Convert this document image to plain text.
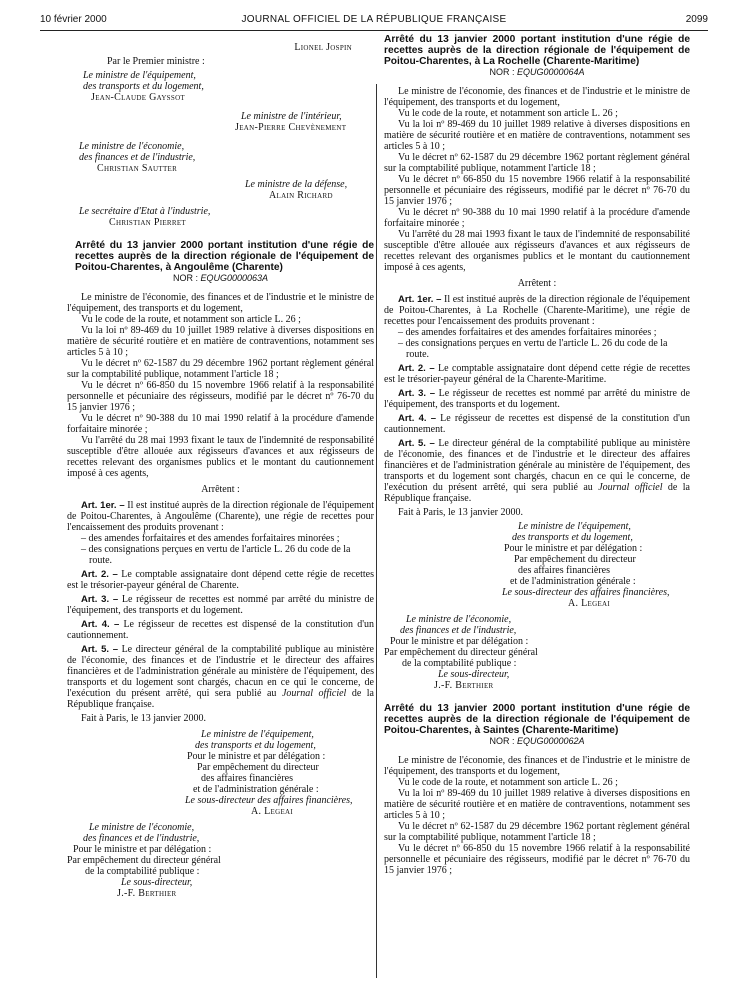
10 février 2000	JOURNAL OFFICIEL DE LA RÉPUBLIQUE FRANÇAISE	2099

Lionel Jospin

Par le Premier ministre :

Le ministre de l'équipement,

des transports et du logement,

Jean-Claude Gayssot

Le ministre de l'intérieur,

Jean-Pierre Chevènement

Le ministre de l'économie,

des finances et de l'industrie,

Christian Sautter

Le ministre de la défense,

Alain Richard

Le secrétaire d'Etat à l'industrie,

Christian Pierret

Arrêté du 13 janvier 2000 portant institution d'une régie de recettes auprès de la direction régionale de l'équipement de Poitou-Charentes, à Angoulême (Charente)

NOR : EQUG0000063A

Le ministre de l'économie, des finances et de l'industrie et le ministre de l'équipement, des transports et du logement,

Vu le code de la route, et notamment son article L. 26 ;

Vu la loi nº 89-469 du 10 juillet 1989 relative à diverses dispositions en matière de sécurité routière et en matière de contraventions, notamment ses articles 5 à 10 ;

Vu le décret nº 62-1587 du 29 décembre 1962 portant règlement général sur la comptabilité publique, notamment l'article 18 ;

Vu le décret nº 66-850 du 15 novembre 1966 relatif à la responsabilité personnelle et pécuniaire des régisseurs, modifié par le décret nº 76-70 du 15 janvier 1976 ;

Vu le décret nº 90-388 du 10 mai 1990 relatif à la procédure d'amende forfaitaire minorée ;

Vu l'arrêté du 28 mai 1993 fixant le taux de l'indemnité de responsabilité susceptible d'être allouée aux régisseurs d'avances et aux régisseurs de recettes relevant des organismes publics et le montant du cautionnement imposé à ces agents,

Arrêtent :

Art. 1er. – Il est institué auprès de la direction régionale de l'équipement de Poitou-Charentes, à Angoulême (Charente), une régie de recettes pour l'encaissement des produits provenant :

– des amendes forfaitaires et des amendes forfaitaires minorées ;

– des consignations perçues en vertu de l'article L. 26 du code de la route.

Art. 2. – Le comptable assignataire dont dépend cette régie de recettes est le trésorier-payeur général de Charente.

Art. 3. – Le régisseur de recettes est nommé par arrêté du ministre de l'équipement, des transports et du logement.

Art. 4. – Le régisseur de recettes est dispensé de la constitution d'un cautionnement.

Art. 5. – Le directeur général de la comptabilité publique au ministère de l'économie, des finances et de l'industrie et le directeur des affaires financières et de l'administration générale au ministère de l'équipement, des transports et du logement sont chargés, chacun en ce qui le concerne, de l'exécution du présent arrêté, qui sera publié au Journal officiel de la République française.

Fait à Paris, le 13 janvier 2000.

Le ministre de l'équipement,

des transports et du logement,

Pour le ministre et par délégation :

Par empêchement du directeur

des affaires financières

et de l'administration générale :

Le sous-directeur des affaires financières,

A. Legeai

Le ministre de l'économie,

des finances et de l'industrie,

Pour le ministre et par délégation :

Par empêchement du directeur général

de la comptabilité publique :

Le sous-directeur,

J.-F. Berthier

Arrêté du 13 janvier 2000 portant institution d'une régie de recettes auprès de la direction régionale de l'équipement de Poitou-Charentes, à La Rochelle (Charente-Maritime)

NOR : EQUG0000064A

Le ministre de l'économie, des finances et de l'industrie et le ministre de l'équipement, des transports et du logement,

Vu le code de la route, et notamment son article L. 26 ;

Vu la loi nº 89-469 du 10 juillet 1989 relative à diverses dispositions en matière de sécurité routière et en matière de contraventions, notamment ses articles 5 à 10 ;

Vu le décret nº 62-1587 du 29 décembre 1962 portant règlement général sur la comptabilité publique, notamment l'article 18 ;

Vu le décret nº 66-850 du 15 novembre 1966 relatif à la responsabilité personnelle et pécuniaire des régisseurs, modifié par le décret nº 76-70 du 15 janvier 1976 ;

Vu le décret nº 90-388 du 10 mai 1990 relatif à la procédure d'amende forfaitaire minorée ;

Vu l'arrêté du 28 mai 1993 fixant le taux de l'indemnité de responsabilité susceptible d'être allouée aux régisseurs d'avances et aux régisseurs de recettes relevant des organismes publics et le montant du cautionnement imposé à ces agents,

Arrêtent :

Art. 1er. – Il est institué auprès de la direction régionale de l'équipement de Poitou-Charentes, à La Rochelle (Charente-Maritime), une régie de recettes pour l'encaissement des produits provenant :

– des amendes forfaitaires et des amendes forfaitaires minorées ;

– des consignations perçues en vertu de l'article L. 26 du code de la route.

Art. 2. – Le comptable assignataire dont dépend cette régie de recettes est le trésorier-payeur général de la Charente-Maritime.

Art. 3. – Le régisseur de recettes est nommé par arrêté du ministre de l'équipement, des transports et du logement.

Art. 4. – Le régisseur de recettes est dispensé de la constitution d'un cautionnement.

Art. 5. – Le directeur général de la comptabilité publique au ministère de l'économie, des finances et de l'industrie et le directeur des affaires financières et de l'administration générale au ministère de l'équipement, des transports et du logement sont chargés, chacun en ce qui le concerne, de l'exécution du présent arrêté, qui sera publié au Journal officiel de la République française.

Fait à Paris, le 13 janvier 2000.

Le ministre de l'équipement,

des transports et du logement,

Pour le ministre et par délégation :

Par empêchement du directeur

des affaires financières

et de l'administration générale :

Le sous-directeur des affaires financières,

A. Legeai

Le ministre de l'économie,

des finances et de l'industrie,

Pour le ministre et par délégation :

Par empêchement du directeur général

de la comptabilité publique :

Le sous-directeur,

J.-F. Berthier

Arrêté du 13 janvier 2000 portant institution d'une régie de recettes auprès de la direction régionale de l'équipement de Poitou-Charentes, à Saintes (Charente-Maritime)

NOR : EQUG0000062A

Le ministre de l'économie, des finances et de l'industrie et le ministre de l'équipement, des transports et du logement,

Vu le code de la route, et notamment son article L. 26 ;

Vu la loi nº 89-469 du 10 juillet 1989 relative à diverses dispositions en matière de sécurité routière et en matière de contraventions, notamment ses articles 5 à 10 ;

Vu le décret nº 62-1587 du 29 décembre 1962 portant règlement général sur la comptabilité publique, notamment l'article 18 ;

Vu le décret nº 66-850 du 15 novembre 1966 relatif à la responsabilité personnelle et pécuniaire des régisseurs, modifié par le décret nº 76-70 du 15 janvier 1976 ;
